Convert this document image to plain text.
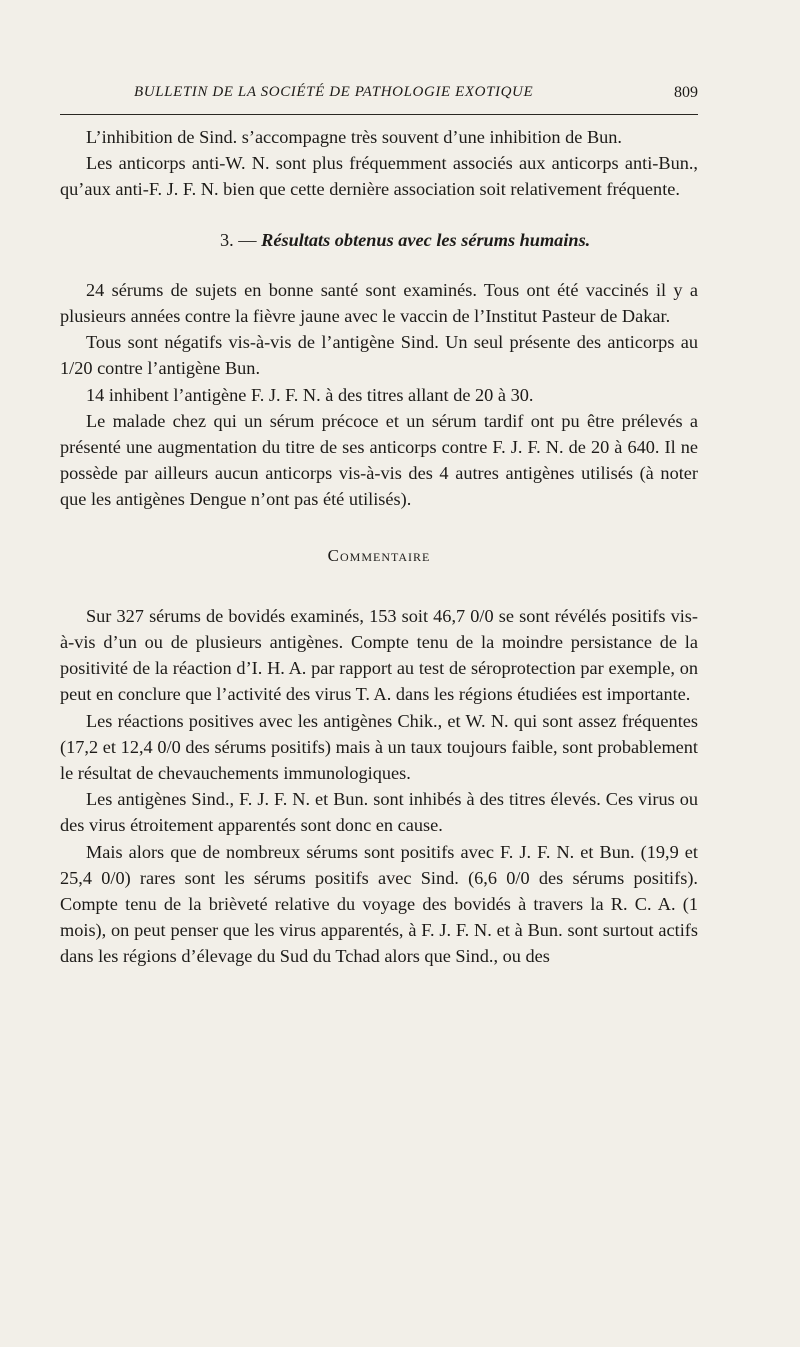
BULLETIN DE LA SOCIÉTÉ DE PATHOLOGIE EXOTIQUE	809

L’inhibition de Sind. s’accompagne très souvent d’une inhibition de Bun.

Les anticorps anti-W. N. sont plus fréquemment associés aux anticorps anti-Bun., qu’aux anti-F. J. F. N. bien que cette dernière association soit relativement fréquente.

3. — Résultats obtenus avec les sérums humains.

24 sérums de sujets en bonne santé sont examinés. Tous ont été vaccinés il y a plusieurs années contre la fièvre jaune avec le vaccin de l’Institut Pasteur de Dakar.

Tous sont négatifs vis-à-vis de l’antigène Sind. Un seul présente des anticorps au 1/20 contre l’antigène Bun.

14 inhibent l’antigène F. J. F. N. à des titres allant de 20 à 30.

Le malade chez qui un sérum précoce et un sérum tardif ont pu être prélevés a présenté une augmentation du titre de ses anticorps contre F. J. F. N. de 20 à 640. Il ne possède par ailleurs aucun anticorps vis-à-vis des 4 autres antigènes utilisés (à noter que les antigènes Dengue n’ont pas été utilisés).

Commentaire

Sur 327 sérums de bovidés examinés, 153 soit 46,7 0/0 se sont révélés positifs vis-à-vis d’un ou de plusieurs antigènes. Compte tenu de la moindre persistance de la positivité de la réaction d’I. H. A. par rapport au test de séroprotection par exemple, on peut en conclure que l’activité des virus T. A. dans les régions étudiées est importante.

Les réactions positives avec les antigènes Chik., et W. N. qui sont assez fréquentes (17,2 et 12,4 0/0 des sérums positifs) mais à un taux toujours faible, sont probablement le résultat de chevauchements immunologiques.

Les antigènes Sind., F. J. F. N. et Bun. sont inhibés à des titres élevés. Ces virus ou des virus étroitement apparentés sont donc en cause.

Mais alors que de nombreux sérums sont positifs avec F. J. F. N. et Bun. (19,9 et 25,4 0/0) rares sont les sérums positifs avec Sind. (6,6 0/0 des sérums positifs). Compte tenu de la brièveté relative du voyage des bovidés à travers la R. C. A. (1 mois), on peut penser que les virus apparentés, à F. J. F. N. et à Bun. sont surtout actifs dans les régions d’élevage du Sud du Tchad alors que Sind., ou des
